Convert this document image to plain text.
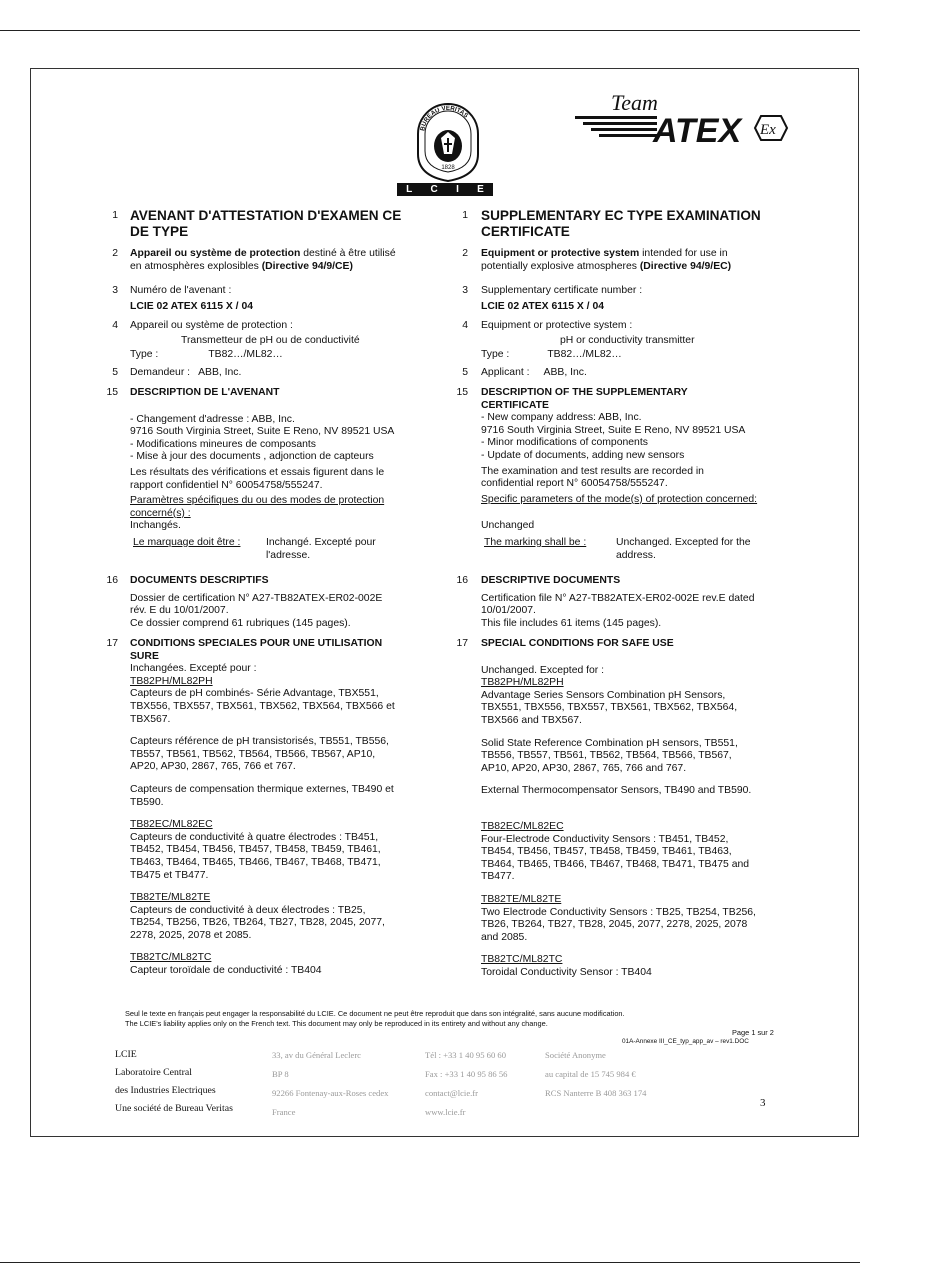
BUREAU VERITAS
1828
L C I E
Team
ATEX Ex
1 AVENANT D'ATTESTATION D'EXAMEN CE
DE TYPE
2 Appareil ou système de protection destiné à être utilisé
en atmosphères explosibles (Directive 94/9/CE)
3 Numéro de l'avenant :
LCIE 02 ATEX 6115 X / 04
4 Appareil ou système de protection :
Transmetteur de pH ou de conductivité
Type :	TB82…/ML82…
5 Demandeur : ABB, Inc.
15 DESCRIPTION DE L'AVENANT
- Changement d'adresse : ABB, Inc.
9716 South Virginia Street, Suite E Reno, NV 89521 USA
- Modifications mineures de composants
- Mise à jour des documents , adjonction de capteurs
Les résultats des vérifications et essais figurent dans le
rapport confidentiel N° 60054758/555247.
Paramètres spécifiques du ou des modes de protection
concerné(s) :
Inchangés.
Le marquage doit être : Inchangé. Excepté pour
l'adresse.
16 DOCUMENTS DESCRIPTIFS
Dossier de certification N° A27-TB82ATEX-ER02-002E
rév. E du 10/01/2007.
Ce dossier comprend 61 rubriques (145 pages).
17 CONDITIONS SPECIALES POUR UNE UTILISATION
SURE
Inchangées. Excepté pour :
TB82PH/ML82PH
Capteurs de pH combinés- Série Advantage, TBX551,
TBX556, TBX557, TBX561, TBX562, TBX564, TBX566 et
TBX567.
Capteurs référence de pH transistorisés, TB551, TB556,
TB557, TB561, TB562, TB564, TB566, TB567, AP10,
AP20, AP30, 2867, 765, 766 et 767.
Capteurs de compensation thermique externes, TB490 et
TB590.
TB82EC/ML82EC
Capteurs de conductivité à quatre électrodes : TB451,
TB452, TB454, TB456, TB457, TB458, TB459, TB461,
TB463, TB464, TB465, TB466, TB467, TB468, TB471,
TB475 et TB477.
TB82TE/ML82TE
Capteurs de conductivité à deux électrodes : TB25,
TB254, TB256, TB26, TB264, TB27, TB28, 2045, 2077,
2278, 2025, 2078 et 2085.
TB82TC/ML82TC
Capteur toroïdale de conductivité : TB404
1 SUPPLEMENTARY EC TYPE EXAMINATION
CERTIFICATE
2 Equipment or protective system intended for use in
potentially explosive atmospheres (Directive 94/9/EC)
3 Supplementary certificate number :
LCIE 02 ATEX 6115 X / 04
4 Equipment or protective system :
pH or conductivity transmitter
Type :	TB82…/ML82…
5 Applicant : ABB, Inc.
15 DESCRIPTION OF THE SUPPLEMENTARY
CERTIFICATE
- New company address: ABB, Inc.
9716 South Virginia Street, Suite E Reno, NV 89521 USA
- Minor modifications of components
- Update of documents, adding new sensors
The examination and test results are recorded in
confidential report N° 60054758/555247.
Specific parameters of the mode(s) of protection concerned:
Unchanged
The marking shall be :	Unchanged. Excepted for the
address.
16 DESCRIPTIVE DOCUMENTS
Certification file N° A27-TB82ATEX-ER02-002E rev.E dated
10/01/2007.
This file includes 61 items (145 pages).
17 SPECIAL CONDITIONS FOR SAFE USE
Unchanged. Excepted for :
TB82PH/ML82PH
Advantage Series Sensors Combination pH Sensors,
TBX551, TBX556, TBX557, TBX561, TBX562, TBX564,
TBX566 and TBX567.
Solid State Reference Combination pH sensors, TB551,
TB556, TB557, TB561, TB562, TB564, TB566, TB567,
AP10, AP20, AP30, 2867, 765, 766 and 767.
External Thermocompensator Sensors, TB490 and TB590.
TB82EC/ML82EC
Four-Electrode Conductivity Sensors : TB451, TB452,
TB454, TB456, TB457, TB458, TB459, TB461, TB463,
TB464, TB465, TB466, TB467, TB468, TB471, TB475 and
TB477.
TB82TE/ML82TE
Two Electrode Conductivity Sensors : TB25, TB254, TB256,
TB26, TB264, TB27, TB28, 2045, 2077, 2278, 2025, 2078
and 2085.
TB82TC/ML82TC
Toroidal Conductivity Sensor : TB404
Seul le texte en français peut engager la responsabilité du LCIE. Ce document ne peut être reproduit que dans son intégralité, sans aucune modification.
The LCIE's liability applies only on the French text. This document may only be reproduced in its entirety and without any change.
Page 1 sur 2
01A-Annexe III_CE_typ_app_av – rev1.DOC
LCIE
Laboratoire Central
des Industries Electriques
Une société de Bureau Veritas
33, av du Général Leclerc
BP 8
92266 Fontenay-aux-Roses cedex
France
Tél : +33 1 40 95 60 60
Fax : +33 1 40 95 86 56
contact@lcie.fr
www.lcie.fr
Société Anonyme
au capital de 15 745 984 €
RCS Nanterre B 408 363 174
3
